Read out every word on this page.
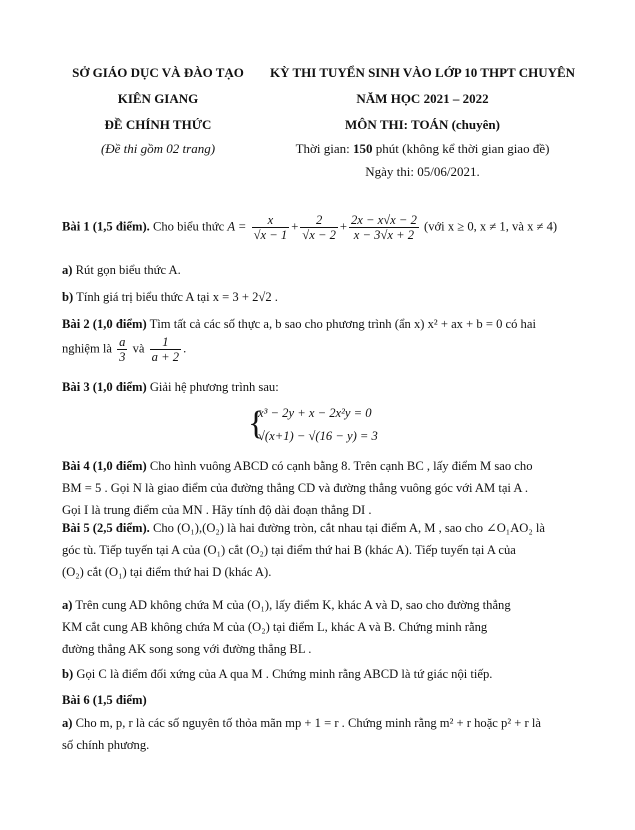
SỞ GIÁO DỤC VÀ ĐÀO TẠO
KIÊN GIANG
ĐỀ CHÍNH THỨC
(Đề thi gồm 02 trang)
KỲ THI TUYỂN SINH VÀO LỚP 10 THPT CHUYÊN
NĂM HỌC 2021 – 2022
MÔN THI: TOÁN (chuyên)
Thời gian: 150 phút (không kể thời gian giao đề)
Ngày thi: 05/06/2021.
Bài 1 (1,5 điểm). Cho biểu thức $A = \frac{x}{√x - 1} + \frac{2}{√x - 2} + \frac{2x - x√x - 2}{x - 3√x + 2}$ (với x ≥ 0, x ≠ 1, và x ≠ 4)
a) Rút gọn biểu thức A.
b) Tính giá trị biểu thức A tại x = 3 + 2√2 .
Bài 2 (1,0 điểm) Tìm tất cả các số thực a, b sao cho phương trình (ẩn x) x² + ax + b = 0 có hai
nghiệm là $\frac{a}{3}$ và $\frac{1}{a + 2}$ .
Bài 3 (1,0 điểm) Giải hệ phương trình sau:
{
x³ − 2y + x − 2x²y = 0
√(x+1) − √(16 − y) = 3
Bài 4 (1,0 điểm) Cho hình vuông ABCD có cạnh bằng 8. Trên cạnh BC , lấy điểm M sao cho
BM = 5 . Gọi N là giao điểm của đường thẳng CD và đường thẳng vuông góc với AM tại A .
Gọi I là trung điểm của MN . Hãy tính độ dài đoạn thẳng DI .
Bài 5 (2,5 điểm). Cho (O₁),(O₂) là hai đường tròn, cắt nhau tại điểm A, M , sao cho ∠O₁AO₂ là
góc tù. Tiếp tuyến tại A của (O₁) cắt (O₂) tại điểm thứ hai B (khác A). Tiếp tuyến tại A của
(O₂) cắt (O₁) tại điểm thứ hai D (khác A).
a) Trên cung AD không chứa M của (O₁), lấy điểm K, khác A và D, sao cho đường thẳng
KM cắt cung AB không chứa M của (O₂) tại điểm L, khác A và B. Chứng minh rằng
đường thẳng AK song song với đường thẳng BL .
b) Gọi C là điểm đối xứng của A qua M . Chứng minh rằng ABCD là tứ giác nội tiếp.
Bài 6 (1,5 điểm)
a) Cho m, p, r là các số nguyên tố thỏa mãn mp + 1 = r . Chứng minh rằng m² + r hoặc p² + r là
số chính phương.
